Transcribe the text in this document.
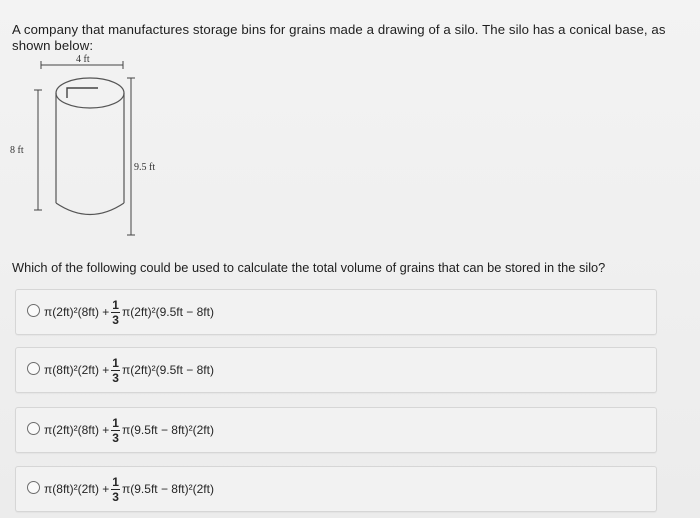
A company that manufactures storage bins for grains made a drawing of a silo. The silo has a conical base, as shown below:
4 ft
8 ft
9.5 ft
Which of the following could be used to calculate the total volume of grains that can be stored in the silo?
$\pi(2ft)^2(8ft) + \frac{1}{3} \pi(2ft)^2(9.5ft - 8ft)$
$\pi(8ft)^2(2ft) + \frac{1}{3} \pi(2ft)^2(9.5ft - 8ft)$
$\pi(2ft)^2(8ft) + \frac{1}{3} \pi(9.5ft - 8ft)^2(2ft)$
$\pi(8ft)^2(2ft) + \frac{1}{3} \pi(9.5ft - 8ft)^2(2ft)$
